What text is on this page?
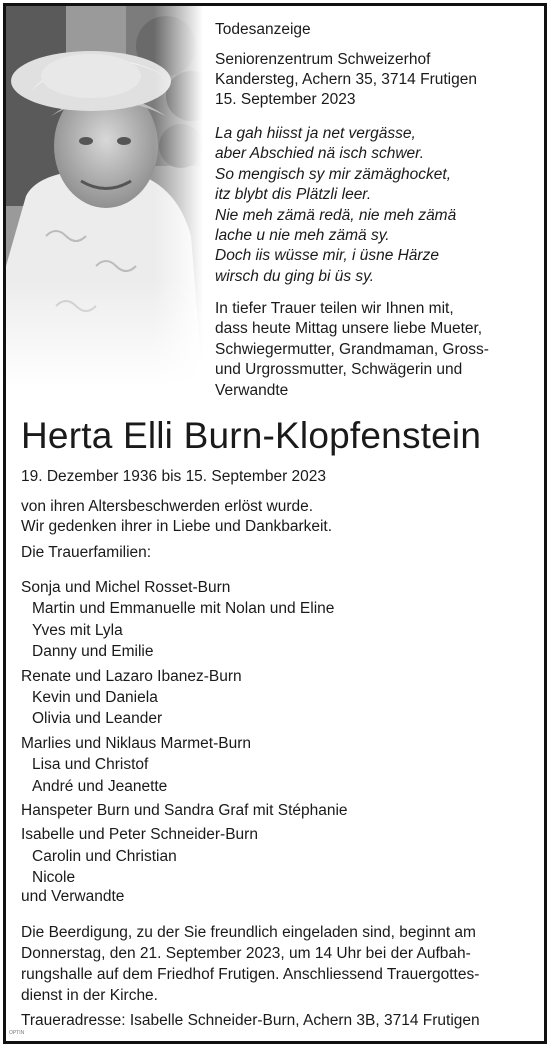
Todesanzeige
Seniorenzentrum Schweizerhof
Kandersteg, Achern 35, 3714 Frutigen
15. September 2023
La gah hiisst ja net vergässe,
aber Abschied nä isch schwer.
So mengisch sy mir zämäghocket,
itz blybt dis Plätzli leer.
Nie meh zämä redä, nie meh zämä
lache u nie meh zämä sy.
Doch iis wüsse mir, i üsne Härze
wirsch du ging bi üs sy.
In tiefer Trauer teilen wir Ihnen mit,
dass heute Mittag unsere liebe Mueter,
Schwiegermutter, Grandmaman, Gross-
und Urgrossmutter, Schwägerin und
Verwandte
Herta Elli Burn-Klopfenstein
19. Dezember 1936 bis 15. September 2023
von ihren Altersbeschwerden erlöst wurde.
Wir gedenken ihrer in Liebe und Dankbarkeit.
Die Trauerfamilien:
Sonja und Michel Rosset-Burn
Martin und Emmanuelle mit Nolan und Eline
Yves mit Lyla
Danny und Emilie
Renate und Lazaro Ibanez-Burn
Kevin und Daniela
Olivia und Leander
Marlies und Niklaus Marmet-Burn
Lisa und Christof
André und Jeanette
Hanspeter Burn und Sandra Graf mit Stéphanie
Isabelle und Peter Schneider-Burn
Carolin und Christian
Nicole
und Verwandte
Die Beerdigung, zu der Sie freundlich eingeladen sind, beginnt am
Donnerstag, den 21. September 2023, um 14 Uhr bei der Aufbah-
rungshalle auf dem Friedhof Frutigen. Anschliessend Trauergottes-
dienst in der Kirche.
Traueradresse: Isabelle Schneider-Burn, Achern 3B, 3714 Frutigen
OPTIN
